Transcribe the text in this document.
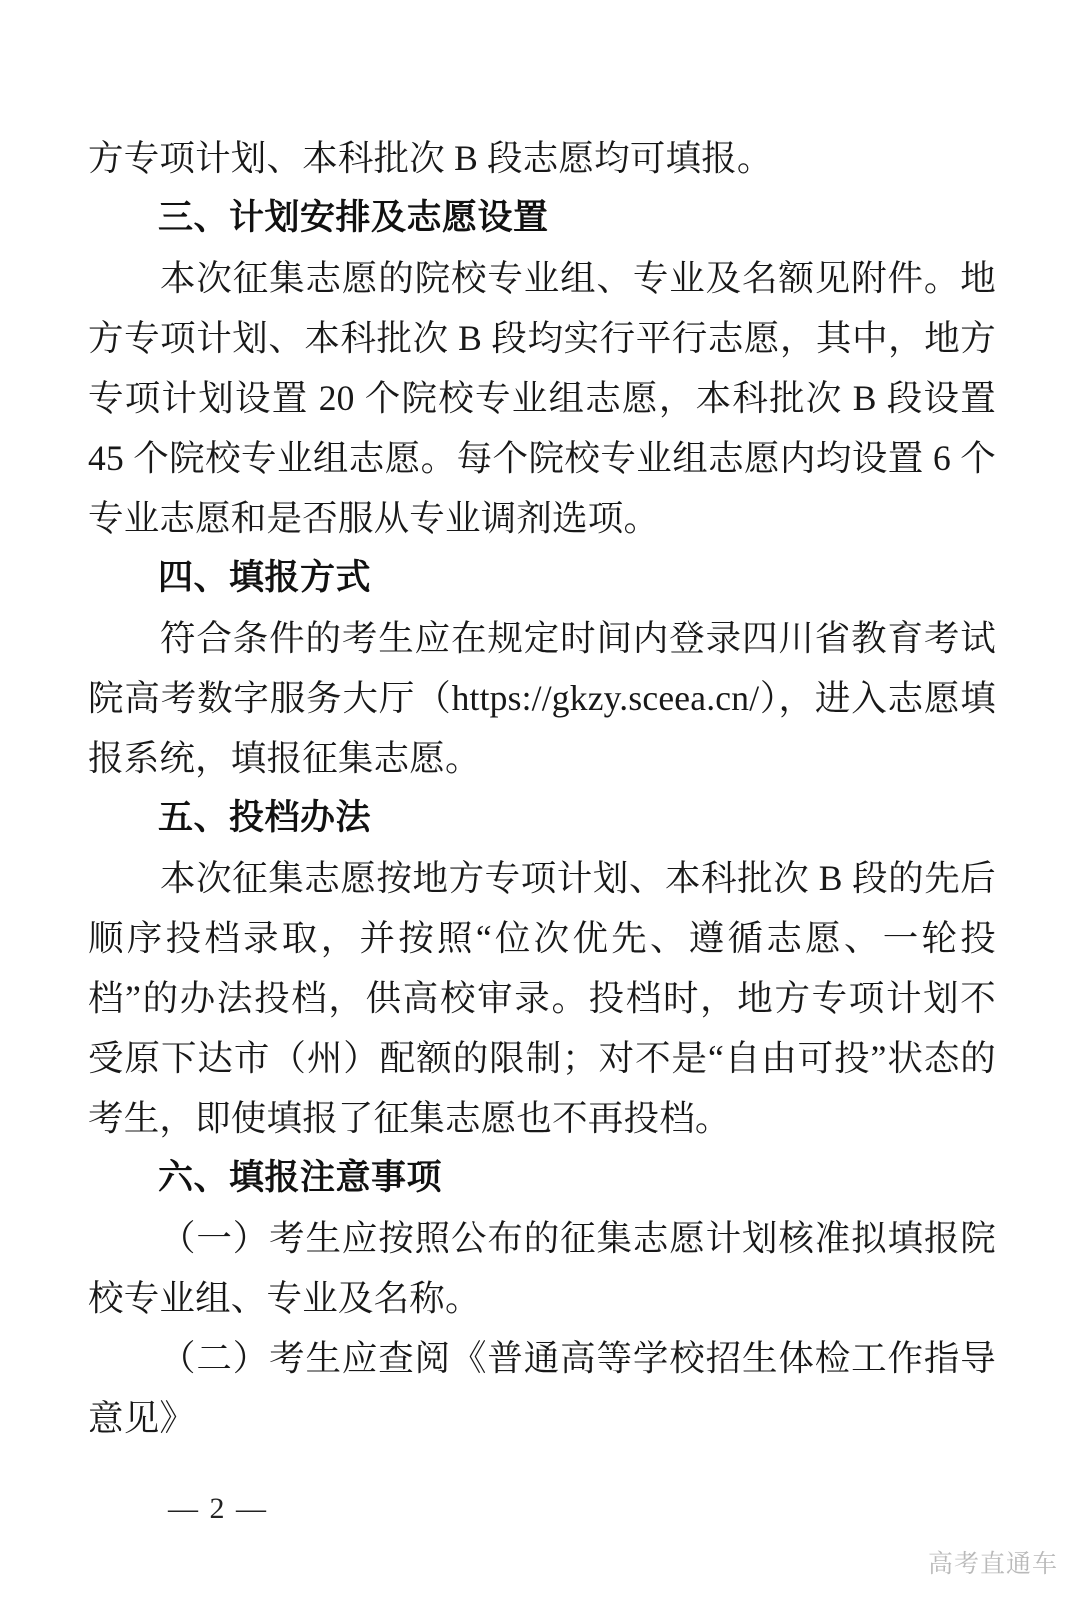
方专项计划、本科批次 B 段志愿均可填报。

三、计划安排及志愿设置

本次征集志愿的院校专业组、专业及名额见附件。地方专项计划、本科批次 B 段均实行平行志愿，其中，地方专项计划设置 20 个院校专业组志愿，本科批次 B 段设置 45 个院校专业组志愿。每个院校专业组志愿内均设置 6 个专业志愿和是否服从专业调剂选项。

四、填报方式

符合条件的考生应在规定时间内登录四川省教育考试院高考数字服务大厅（https://gkzy.sceea.cn/），进入志愿填报系统，填报征集志愿。

五、投档办法

本次征集志愿按地方专项计划、本科批次 B 段的先后顺序投档录取，并按照“位次优先、遵循志愿、一轮投档”的办法投档，供高校审录。投档时，地方专项计划不受原下达市（州）配额的限制；对不是“自由可投”状态的考生，即使填报了征集志愿也不再投档。

六、填报注意事项

（一）考生应按照公布的征集志愿计划核准拟填报院校专业组、专业及名称。

（二）考生应查阅《普通高等学校招生体检工作指导意见》

— 2 —
高考直通车
